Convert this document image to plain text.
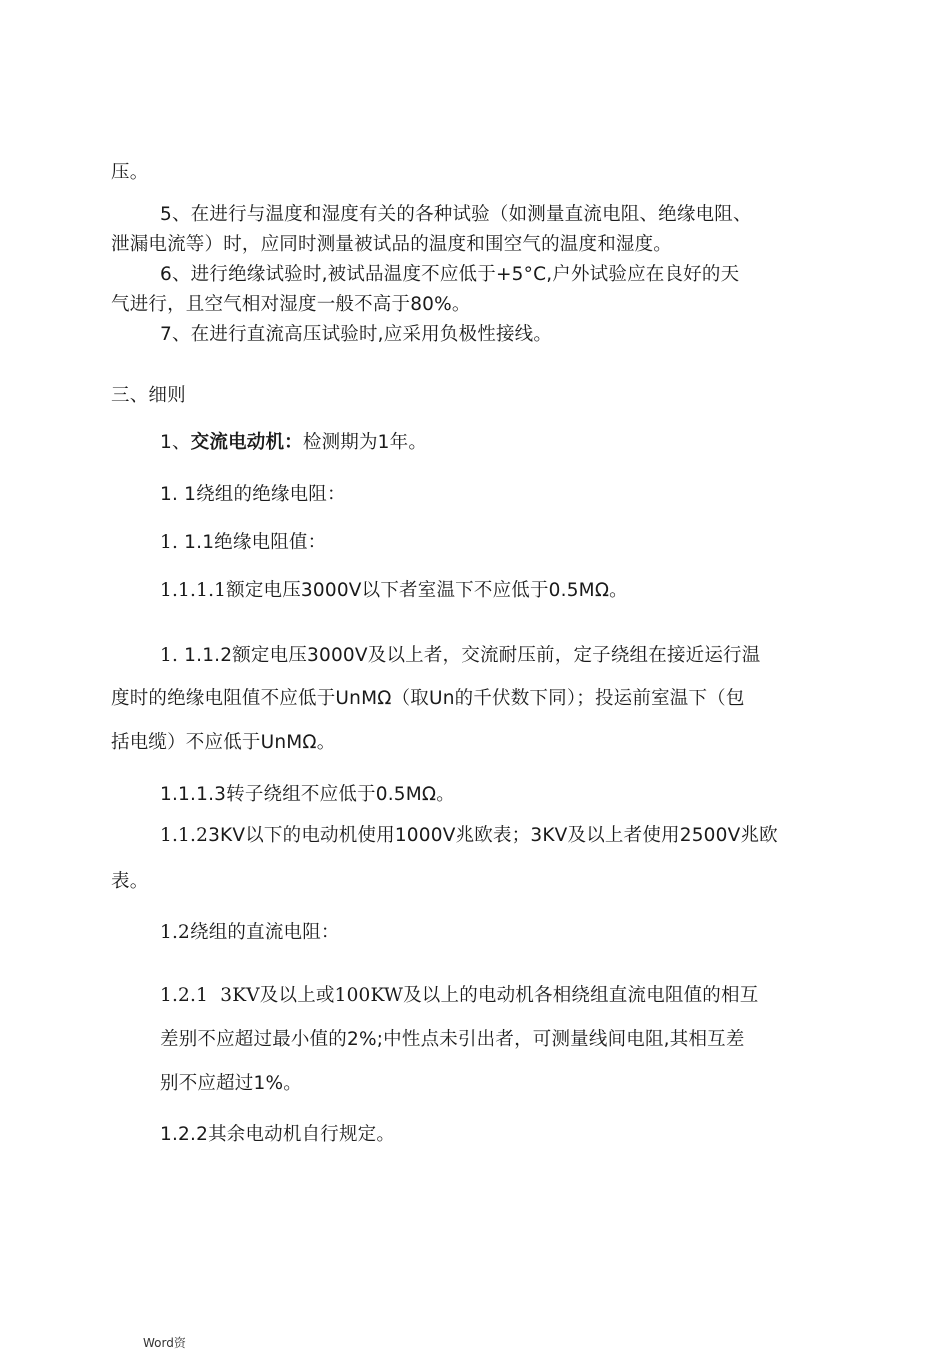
压。
5、在进行与温度和湿度有关的各种试验（如测量直流电阻、绝缘电阻、
泄漏电流等）时，应同时测量被试品的温度和围空气的温度和湿度。
6、进行绝缘试验时,被试品温度不应低于+5°C,户外试验应在良好的天
气进行，且空气相对湿度一般不高于80%。
7、在进行直流高压试验时,应采用负极性接线。
三、细则
1、交流电动机：检测期为1年。
1. 1绕组的绝缘电阻：
1. 1.1绝缘电阻值：
1.1.1.1额定电压3000V以下者室温下不应低于0.5MΩ。
1. 1.1.2额定电压3000V及以上者，交流耐压前，定子绕组在接近运行温
度时的绝缘电阻值不应低于UnMΩ（取Un的千伏数下同）；投运前室温下（包
括电缆）不应低于UnMΩ。
1.1.1.3转子绕组不应低于0.5MΩ。
1.1.23KV以下的电动机使用1000V兆欧表；3KV及以上者使用2500V兆欧
表。
1.2绕组的直流电阻：
1.2.1  3KV及以上或100KW及以上的电动机各相绕组直流电阻值的相互
差别不应超过最小值的2%;中性点未引出者，可测量线间电阻,其相互差
别不应超过1%。
1.2.2其余电动机自行规定。
Word资
